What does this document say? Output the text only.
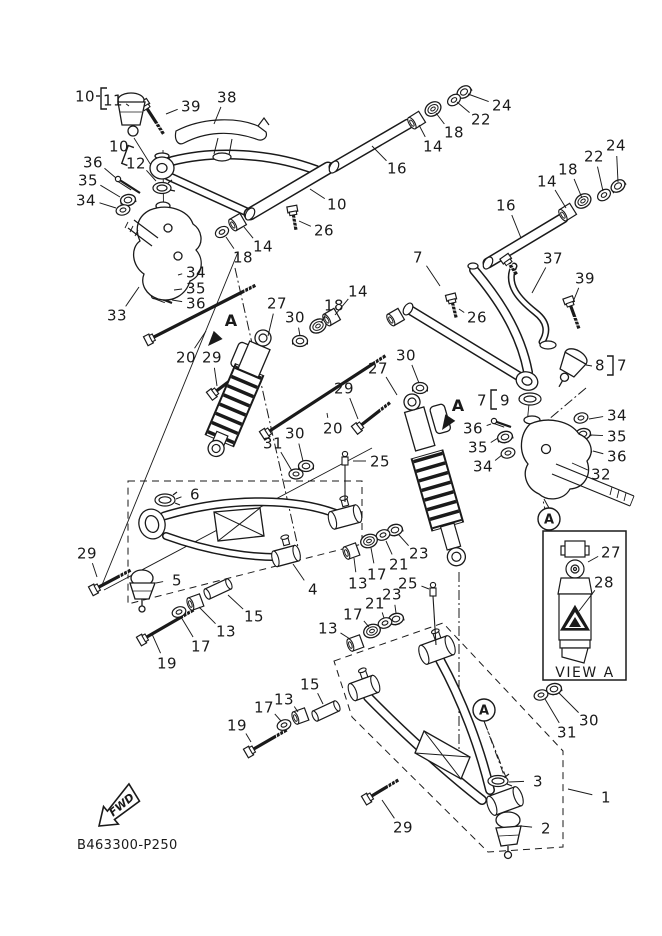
VIEW A
FWD
B463300-P250
10 11	39 38
10
12
36
35
34
33
34
35
36
10
26
14
18
16
14
18
22
24
16
14
18
22
24
7	37
39
26
20 29
27
30
18
14
8 7
30
27
7 9
36
35
34
34
35
36
32
25
20
30
31
29
6
29
5	4 13
17
21
23
25
23
21
17
13
15
13
17
19
15
13
17
19	30
31
3
1
2
29
27
28
A
A
A
A
